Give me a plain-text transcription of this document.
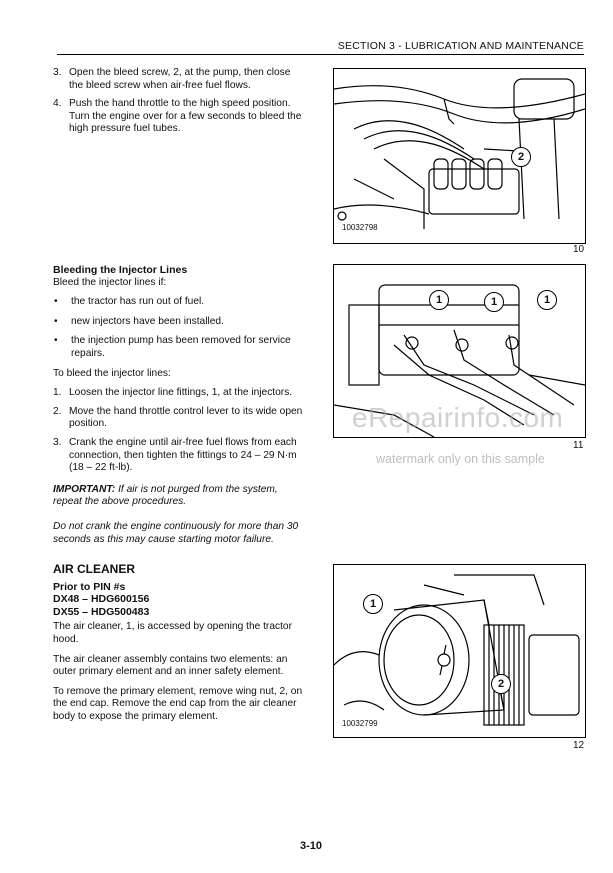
SECTION 3 - LUBRICATION AND MAINTENANCE
3. Open the bleed screw, 2, at the pump, then close the bleed screw when air-free fuel flows.
4. Push the hand throttle to the high speed position. Turn the engine over for a few seconds to bleed the high pressure fuel tubes.
Bleeding the Injector Lines
Bleed the injector lines if:
• the tractor has run out of fuel.
• new injectors have been installed.
• the injection pump has been removed for service repairs.
To bleed the injector lines:
1. Loosen the injector line fittings, 1, at the injectors.
2. Move the hand throttle control lever to its wide open position.
3. Crank the engine until air-free fuel flows from each connection, then tighten the fittings to 24 – 29 N·m (18 – 22 ft-lb).
IMPORTANT: If air is not purged from the system, repeat the above procedures.
Do not crank the engine continuously for more than 30 seconds as this may cause starting motor failure.
AIR CLEANER
Prior to PIN #s
DX48 – HDG600156
DX55 – HDG500483
The air cleaner, 1, is accessed by opening the tractor hood.
The air cleaner assembly contains two elements: an outer primary element and an inner safety element.
To remove the primary element, remove wing nut, 2, on the end cap. Remove the end cap from the air cleaner body to expose the primary element.
2
10032798
10
1	1	1
11
1
2
10032799
12
eRepairinfo.com
watermark only on this sample
3-10
